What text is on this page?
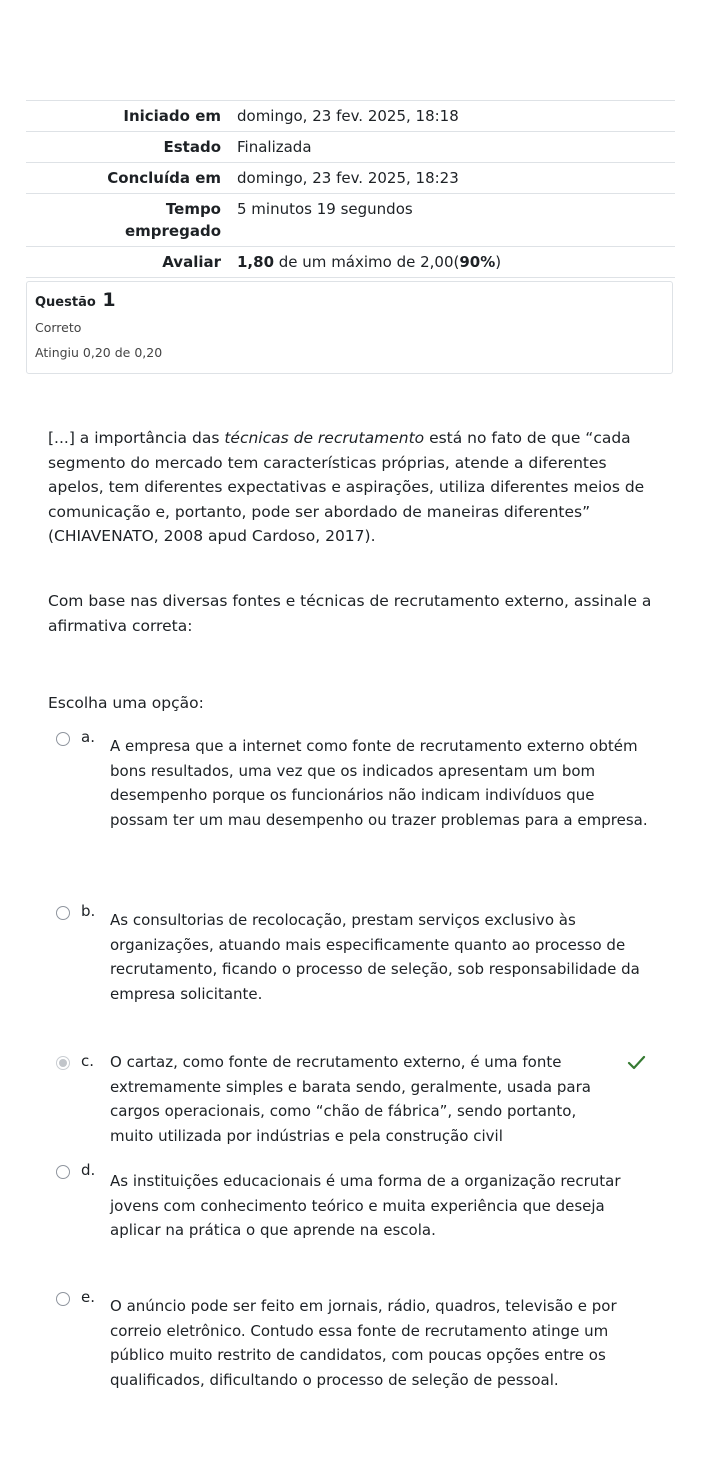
Iniciado em	domingo, 23 fev. 2025, 18:18
Estado	Finalizada
Concluída em	domingo, 23 fev. 2025, 18:23
Tempo empregado	5 minutos 19 segundos
Avaliar	1,80 de um máximo de 2,00(90%)
Questão 1
Correto
Atingiu 0,20 de 0,20
[...] a importância das técnicas de recrutamento está no fato de que “cada segmento do mercado tem características próprias, atende a diferentes apelos, tem diferentes expectativas e aspirações, utiliza diferentes meios de comunicação e, portanto, pode ser abordado de maneiras diferentes” (CHIAVENATO, 2008 apud Cardoso, 2017).
Com base nas diversas fontes e técnicas de recrutamento externo, assinale a afirmativa correta:
Escolha uma opção:
a. A empresa que a internet como fonte de recrutamento externo obtém bons resultados, uma vez que os indicados apresentam um bom desempenho porque os funcionários não indicam indivíduos que possam ter um mau desempenho ou trazer problemas para a empresa.
b. As consultorias de recolocação, prestam serviços exclusivo às organizações, atuando mais especificamente quanto ao processo de recrutamento, ficando o processo de seleção, sob responsabilidade da empresa solicitante.
c. O cartaz, como fonte de recrutamento externo, é uma fonte extremamente simples e barata sendo, geralmente, usada para cargos operacionais, como “chão de fábrica”, sendo portanto, muito utilizada por indústrias e pela construção civil
d.
As instituições educacionais é uma forma de a organização recrutar jovens com conhecimento teórico e muita experiência que deseja aplicar na prática o que aprende na escola.
e. O anúncio pode ser feito em jornais, rádio, quadros, televisão e por correio eletrônico. Contudo essa fonte de recrutamento atinge um público muito restrito de candidatos, com poucas opções entre os qualificados, dificultando o processo de seleção de pessoal.
